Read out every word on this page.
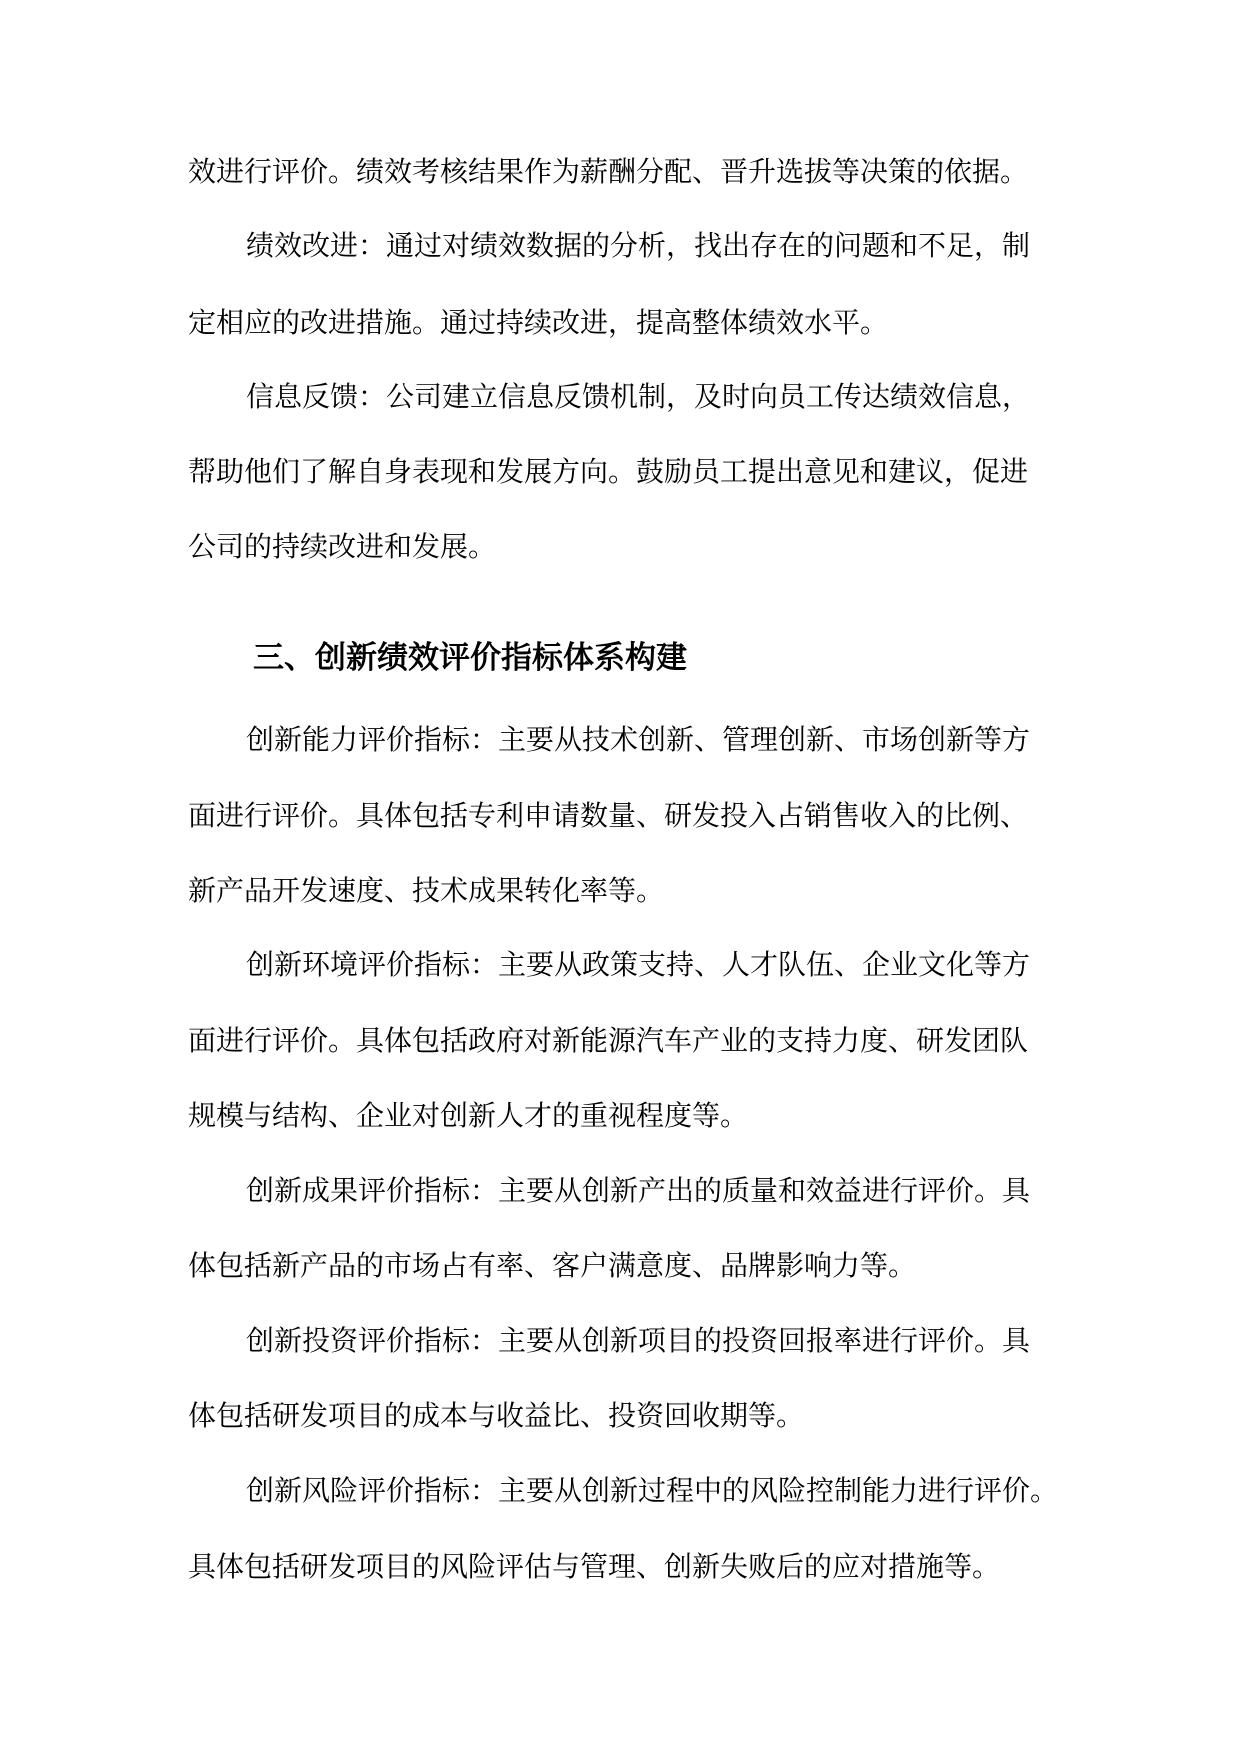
效进行评价。绩效考核结果作为薪酬分配、晋升选拔等决策的依据。
绩效改进：通过对绩效数据的分析，找出存在的问题和不足，制
定相应的改进措施。通过持续改进，提高整体绩效水平。
信息反馈：公司建立信息反馈机制，及时向员工传达绩效信息，
帮助他们了解自身表现和发展方向。鼓励员工提出意见和建议，促进
公司的持续改进和发展。
三、创新绩效评价指标体系构建
创新能力评价指标：主要从技术创新、管理创新、市场创新等方
面进行评价。具体包括专利申请数量、研发投入占销售收入的比例、
新产品开发速度、技术成果转化率等。
创新环境评价指标：主要从政策支持、人才队伍、企业文化等方
面进行评价。具体包括政府对新能源汽车产业的支持力度、研发团队
规模与结构、企业对创新人才的重视程度等。
创新成果评价指标：主要从创新产出的质量和效益进行评价。具
体包括新产品的市场占有率、客户满意度、品牌影响力等。
创新投资评价指标：主要从创新项目的投资回报率进行评价。具
体包括研发项目的成本与收益比、投资回收期等。
创新风险评价指标：主要从创新过程中的风险控制能力进行评价。
具体包括研发项目的风险评估与管理、创新失败后的应对措施等。
